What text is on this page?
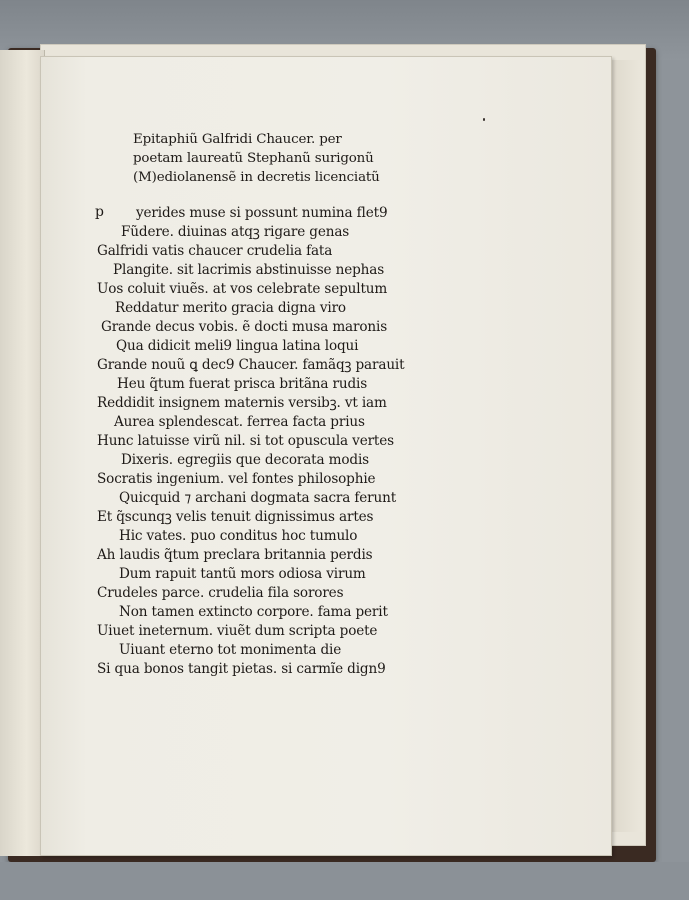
Epitaphiũ Galfridi Chaucer. per
poetam laureatũ Stephanũ surigonũ
(M)ediolanensẽ in decretis licenciatũ
p yerides muse si possunt numina flet9
Fũdere. diuinas atqꝫ rigare genas
Galfridi vatis chaucer crudelia fata
Plangite. sit lacrimis abstinuisse nephas
Uos coluit viuẽs. at vos celebrate sepultum
Reddatur merito gracia digna viro
Grande decus vobis. ẽ docti musa maronis
Qua didicit meli9 lingua latina loqui
Grande nouũ ꝗ dec9 Chaucer. famãqꝫ parauit
Heu q̃tum fuerat prisca britãna rudis
Reddidit insignem maternis versibꝫ. vt iam
Aurea splendescat. ferrea facta prius
Hunc latuisse virũ nil. si tot opuscula vertes
Dixeris. egregiis que decorata modis
Socratis ingenium. vel fontes philosophie
Quicquid ⁊ archani dogmata sacra ferunt
Et q̃scunqꝫ velis tenuit dignissimus artes
Hic vates. puo conditus hoc tumulo
Ah laudis q̃tum preclara britannia perdis
Dum rapuit tantũ mors odiosa virum
Crudeles parce. crudelia fila sorores
Non tamen extincto corpore. fama perit
Uiuet ineternum. viuẽt dum scripta poete
Uiuant eterno tot monimenta die
Si qua bonos tangit pietas. si carmĩe dign9
